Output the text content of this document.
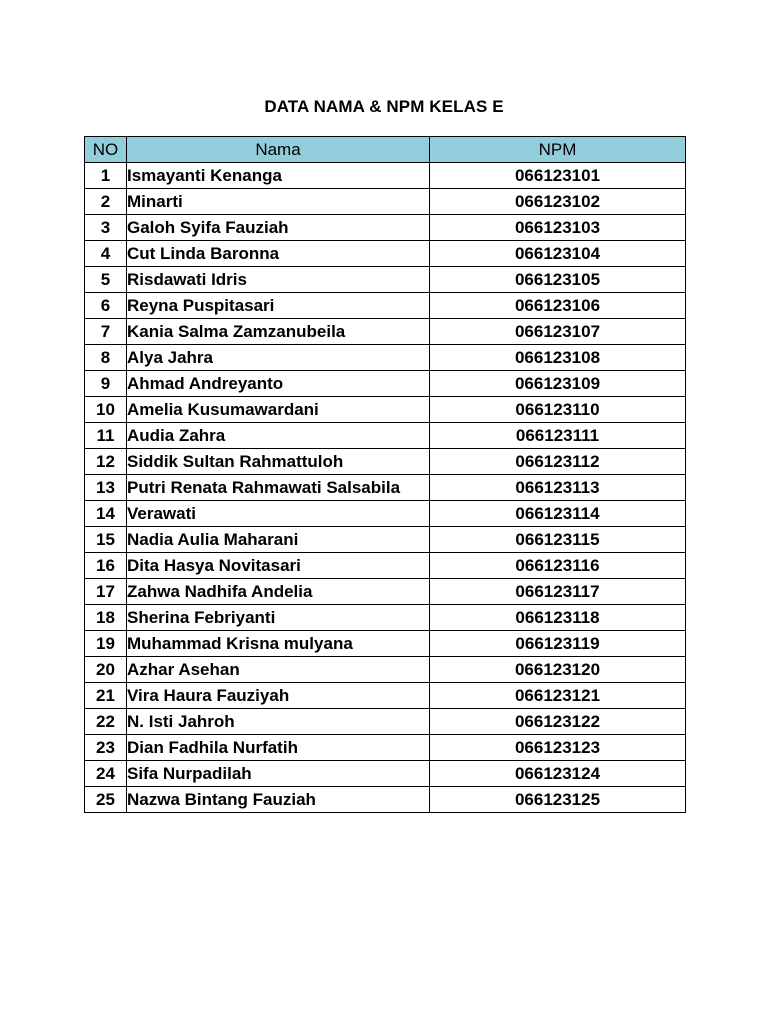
DATA NAMA & NPM KELAS E
NO	Nama	NPM
1	Ismayanti Kenanga	066123101
2	Minarti	066123102
3	Galoh Syifa Fauziah	066123103
4	Cut Linda Baronna	066123104
5	Risdawati Idris	066123105
6	Reyna Puspitasari	066123106
7	Kania Salma Zamzanubeila	066123107
8	Alya Jahra	066123108
9	Ahmad Andreyanto	066123109
10	Amelia Kusumawardani	066123110
11	Audia Zahra	066123111
12	Siddik Sultan Rahmattuloh	066123112
13	Putri Renata Rahmawati Salsabila	066123113
14	Verawati	066123114
15	Nadia Aulia Maharani	066123115
16	Dita Hasya Novitasari	066123116
17	Zahwa Nadhifa Andelia	066123117
18	Sherina Febriyanti	066123118
19	Muhammad Krisna mulyana	066123119
20	Azhar Asehan	066123120
21	Vira Haura Fauziyah	066123121
22	N. Isti Jahroh	066123122
23	Dian Fadhila Nurfatih	066123123
24	Sifa Nurpadilah	066123124
25	Nazwa Bintang Fauziah	066123125
